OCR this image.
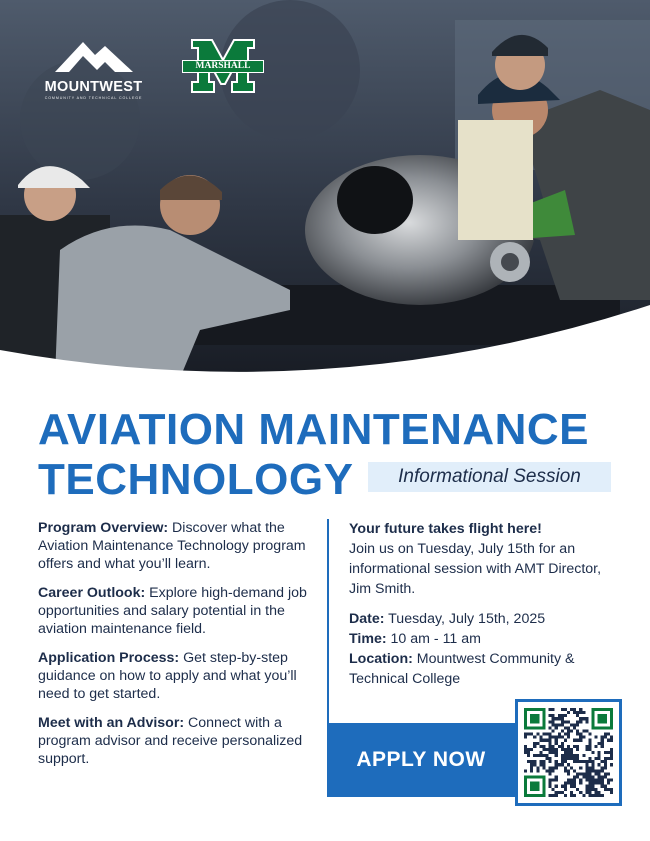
MOUNTWEST
COMMUNITY AND TECHNICAL COLLEGE
MARSHALL
AVIATION MAINTENANCE
TECHNOLOGY	Informational Session

Program Overview: Discover what the Aviation Maintenance Technology program offers and what you’ll learn.

Career Outlook: Explore high-demand job opportunities and salary potential in the aviation maintenance field.

Application Process: Get step-by-step guidance on how to apply and what you’ll need to get started.

Meet with an Advisor: Connect with a program advisor and receive personalized support.

Your future takes flight here!
Join us on Tuesday, July 15th for an informational session with AMT Director, Jim Smith.
Date: Tuesday, July 15th, 2025
Time: 10 am - 11 am
Location: Mountwest Community & Technical College
APPLY NOW
